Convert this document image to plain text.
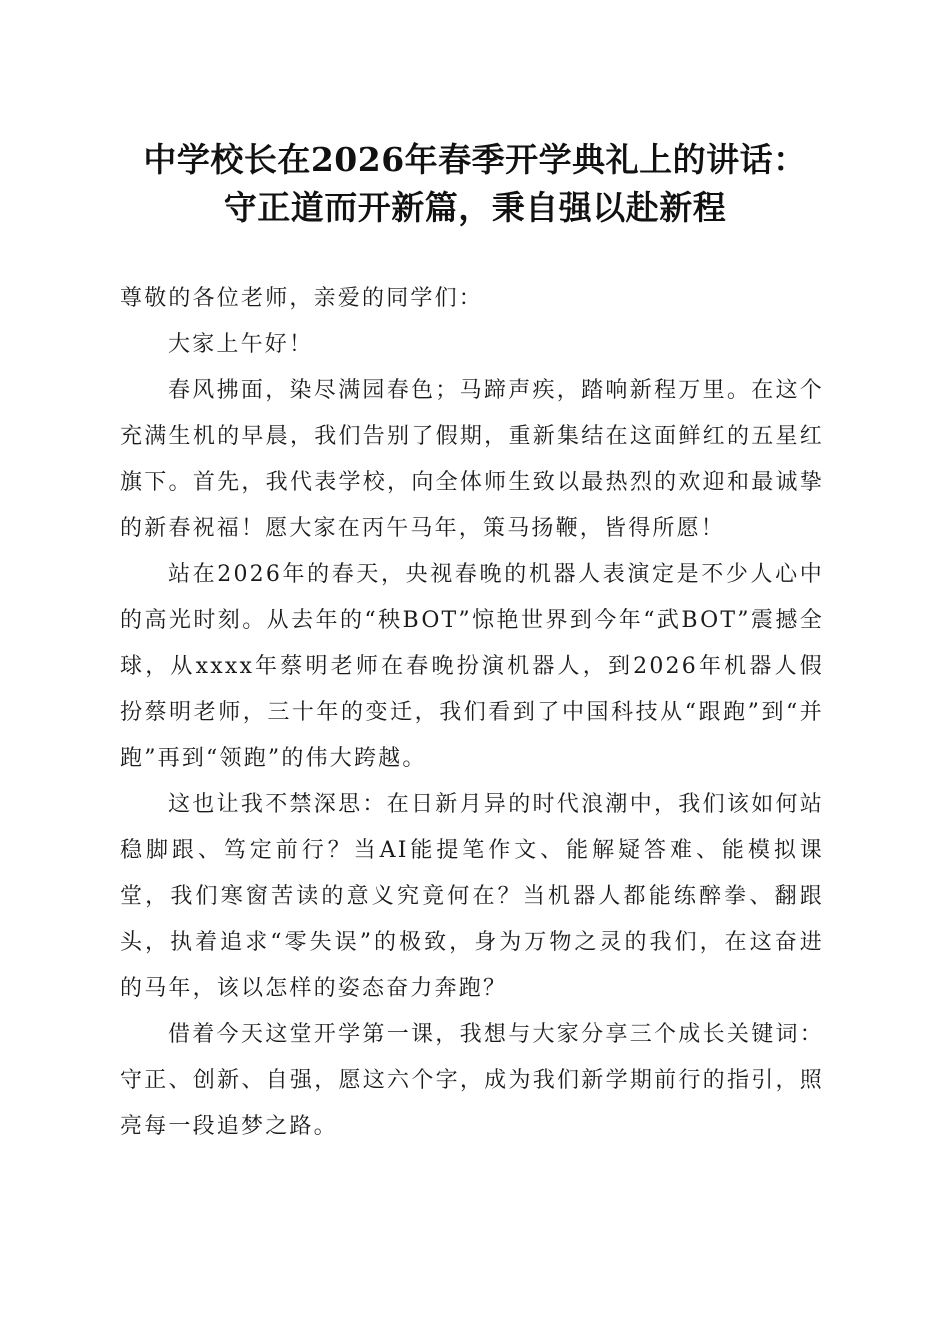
中学校长在2026年春季开学典礼上的讲话：
守正道而开新篇，秉自强以赴新程

尊敬的各位老师，亲爱的同学们：

大家上午好！

春风拂面，染尽满园春色；马蹄声疾，踏响新程万里。在这个充满生机的早晨，我们告别了假期，重新集结在这面鲜红的五星红旗下。首先，我代表学校，向全体师生致以最热烈的欢迎和最诚挚的新春祝福！愿大家在丙午马年，策马扬鞭，皆得所愿！

站在2026年的春天，央视春晚的机器人表演定是不少人心中的高光时刻。从去年的“秧BOT”惊艳世界到今年“武BOT”震撼全球，从xxxx年蔡明老师在春晚扮演机器人，到2026年机器人假扮蔡明老师，三十年的变迁，我们看到了中国科技从“跟跑”到“并跑”再到“领跑”的伟大跨越。

这也让我不禁深思：在日新月异的时代浪潮中，我们该如何站稳脚跟、笃定前行？当AI能提笔作文、能解疑答难、能模拟课堂，我们寒窗苦读的意义究竟何在？当机器人都能练醉拳、翻跟头，执着追求“零失误”的极致，身为万物之灵的我们，在这奋进的马年，该以怎样的姿态奋力奔跑？

借着今天这堂开学第一课，我想与大家分享三个成长关键词：守正、创新、自强，愿这六个字，成为我们新学期前行的指引，照亮每一段追梦之路。
